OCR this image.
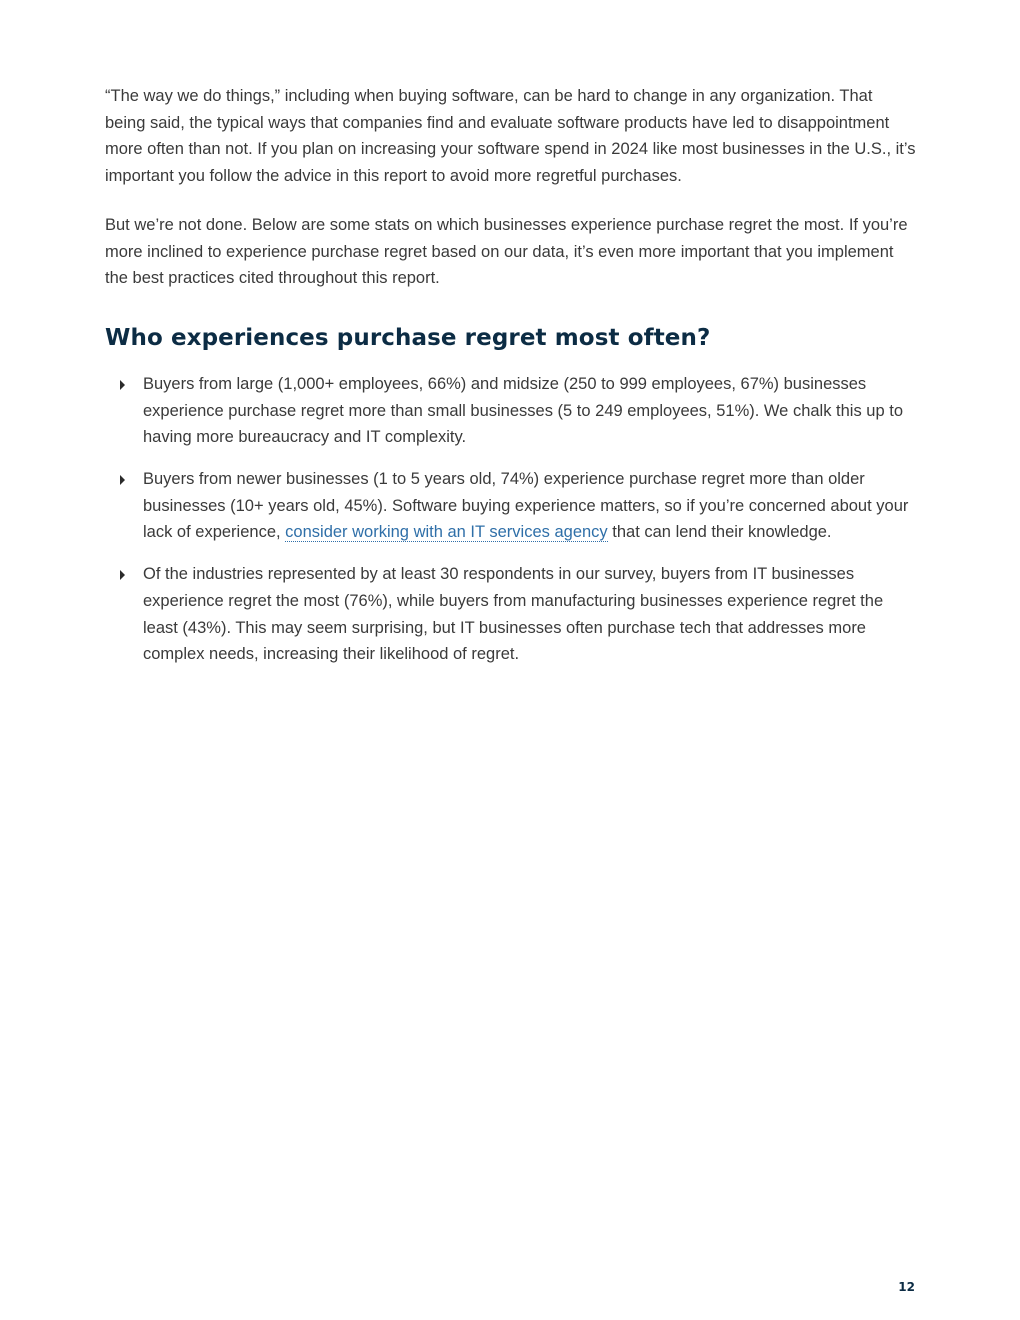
“The way we do things,” including when buying software, can be hard to change in any organization. That being said, the typical ways that companies find and evaluate software products have led to disappointment more often than not. If you plan on increasing your software spend in 2024 like most businesses in the U.S., it’s important you follow the advice in this report to avoid more regretful purchases.

But we’re not done. Below are some stats on which businesses experience purchase regret the most. If you’re more inclined to experience purchase regret based on our data, it’s even more important that you implement the best practices cited throughout this report.

Who experiences purchase regret most often?
Buyers from large (1,000+ employees, 66%) and midsize (250 to 999 employees, 67%) businesses experience purchase regret more than small businesses (5 to 249 employees, 51%). We chalk this up to having more bureaucracy and IT complexity.
Buyers from newer businesses (1 to 5 years old, 74%) experience purchase regret more than older businesses (10+ years old, 45%). Software buying experience matters, so if you’re concerned about your lack of experience, consider working with an IT services agency that can lend their knowledge.
Of the industries represented by at least 30 respondents in our survey, buyers from IT businesses experience regret the most (76%), while buyers from manufacturing businesses experience regret the least (43%). This may seem surprising, but IT businesses often purchase tech that addresses more complex needs, increasing their likelihood of regret.
12
